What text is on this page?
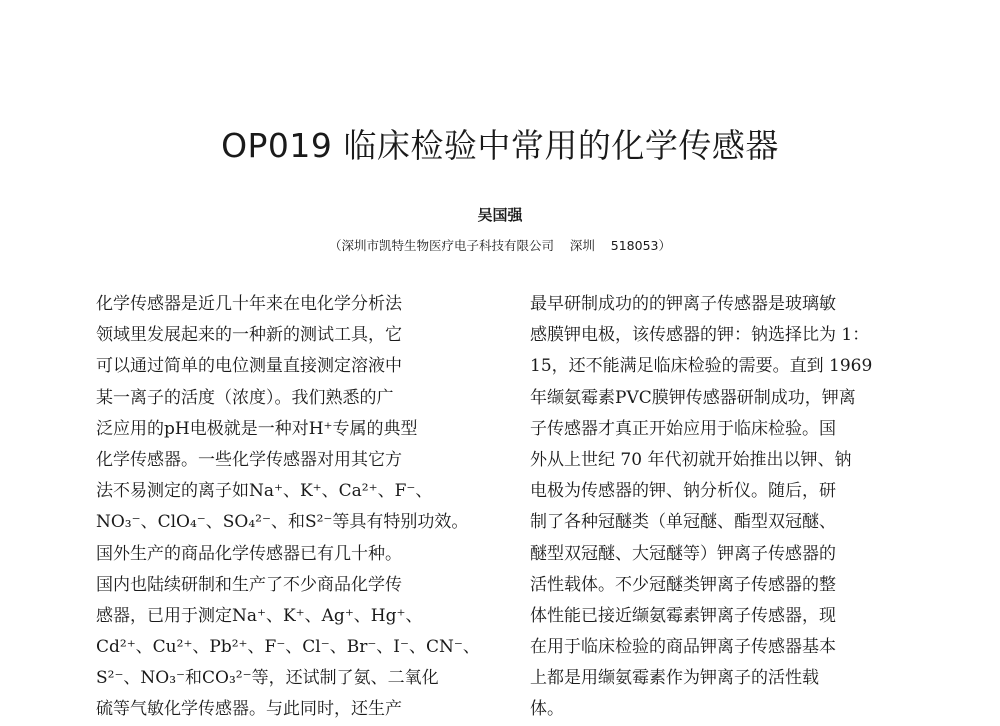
OP019 临床检验中常用的化学传感器
吴国强
（深圳市凯特生物医疗电子科技有限公司    深圳    518053）
化学传感器是近几十年来在电化学分析法
领域里发展起来的一种新的测试工具，它
可以通过简单的电位测量直接测定溶液中
某一离子的活度（浓度）。我们熟悉的广
泛应用的pH电极就是一种对H⁺专属的典型
化学传感器。一些化学传感器对用其它方
法不易测定的离子如Na⁺、K⁺、Ca²⁺、F⁻、
NO₃⁻、ClO₄⁻、SO₄²⁻、和S²⁻等具有特别功效。
国外生产的商品化学传感器已有几十种。
国内也陆续研制和生产了不少商品化学传
感器，已用于测定Na⁺、K⁺、Ag⁺、Hg⁺、
Cd²⁺、Cu²⁺、Pb²⁺、F⁻、Cl⁻、Br⁻、I⁻、CN⁻、
S²⁻、NO₃⁻和CO₃²⁻等，还试制了氨、二氧化
硫等气敏化学传感器。与此同时，还生产
最早研制成功的的钾离子传感器是玻璃敏
感膜钾电极，该传感器的钾：钠选择比为 1：
15，还不能满足临床检验的需要。直到 1969
年缬氨霉素PVC膜钾传感器研制成功，钾离
子传感器才真正开始应用于临床检验。国
外从上世纪 70 年代初就开始推出以钾、钠
电极为传感器的钾、钠分析仪。随后，研
制了各种冠醚类（单冠醚、酯型双冠醚、
醚型双冠醚、大冠醚等）钾离子传感器的
活性载体。不少冠醚类钾离子传感器的整
体性能已接近缬氨霉素钾离子传感器，现
在用于临床检验的商品钾离子传感器基本
上都是用缬氨霉素作为钾离子的活性载
体。
